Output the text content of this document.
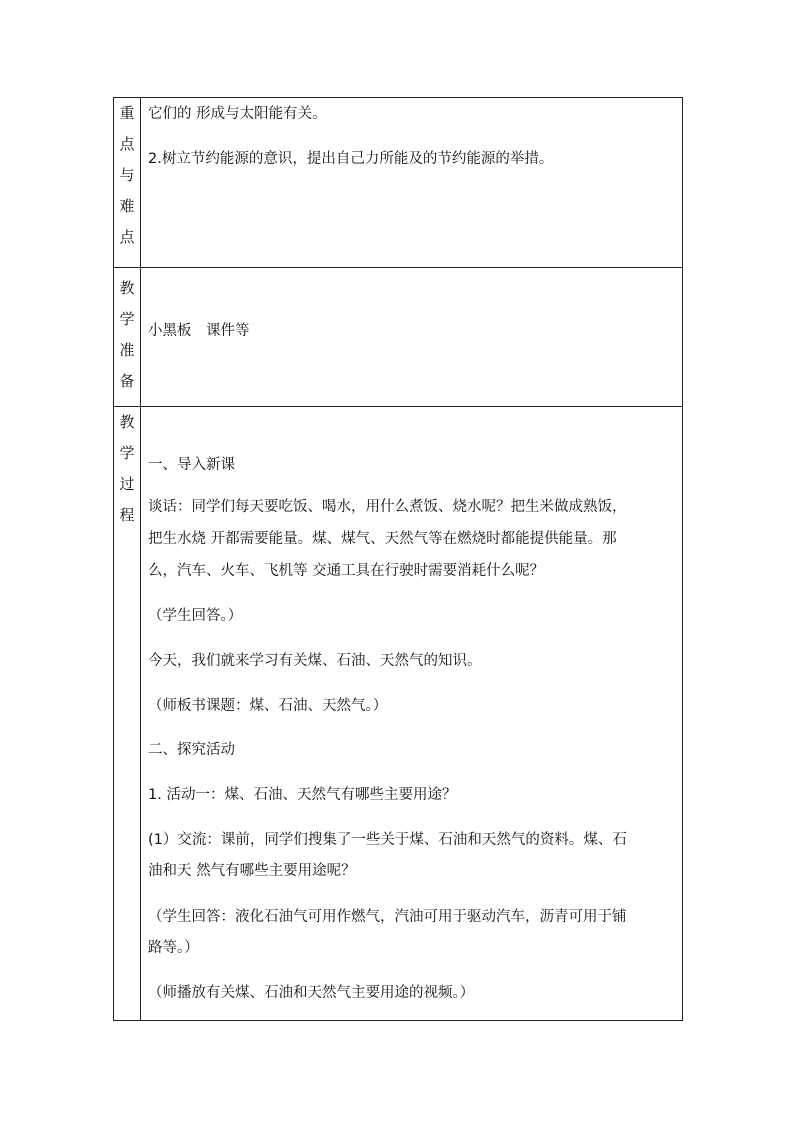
重
点
与
难
点
它们的 形成与太阳能有关。
2.树立节约能源的意识，提出自己力所能及的节约能源的举措。
教
学
准
备
小黑板　课件等
教
学
过
程
一、导入新课
谈话：同学们每天要吃饭、喝水，用什么煮饭、烧水呢？把生米做成熟饭，
把生水烧 开都需要能量。煤、煤气、天然气等在燃烧时都能提供能量。那
么，汽车、火车、飞机等 交通工具在行驶时需要消耗什么呢？
（学生回答。）
今天，我们就来学习有关煤、石油、天然气的知识。
（师板书课题：煤、石油、天然气。）
二、探究活动
1. 活动一：煤、石油、天然气有哪些主要用途？
(1）交流：课前，同学们搜集了一些关于煤、石油和天然气的资料。煤、石
油和天 然气有哪些主要用途呢？
（学生回答：液化石油气可用作燃气，汽油可用于驱动汽车，沥青可用于铺
路等。）
（师播放有关煤、石油和天然气主要用途的视频。）
